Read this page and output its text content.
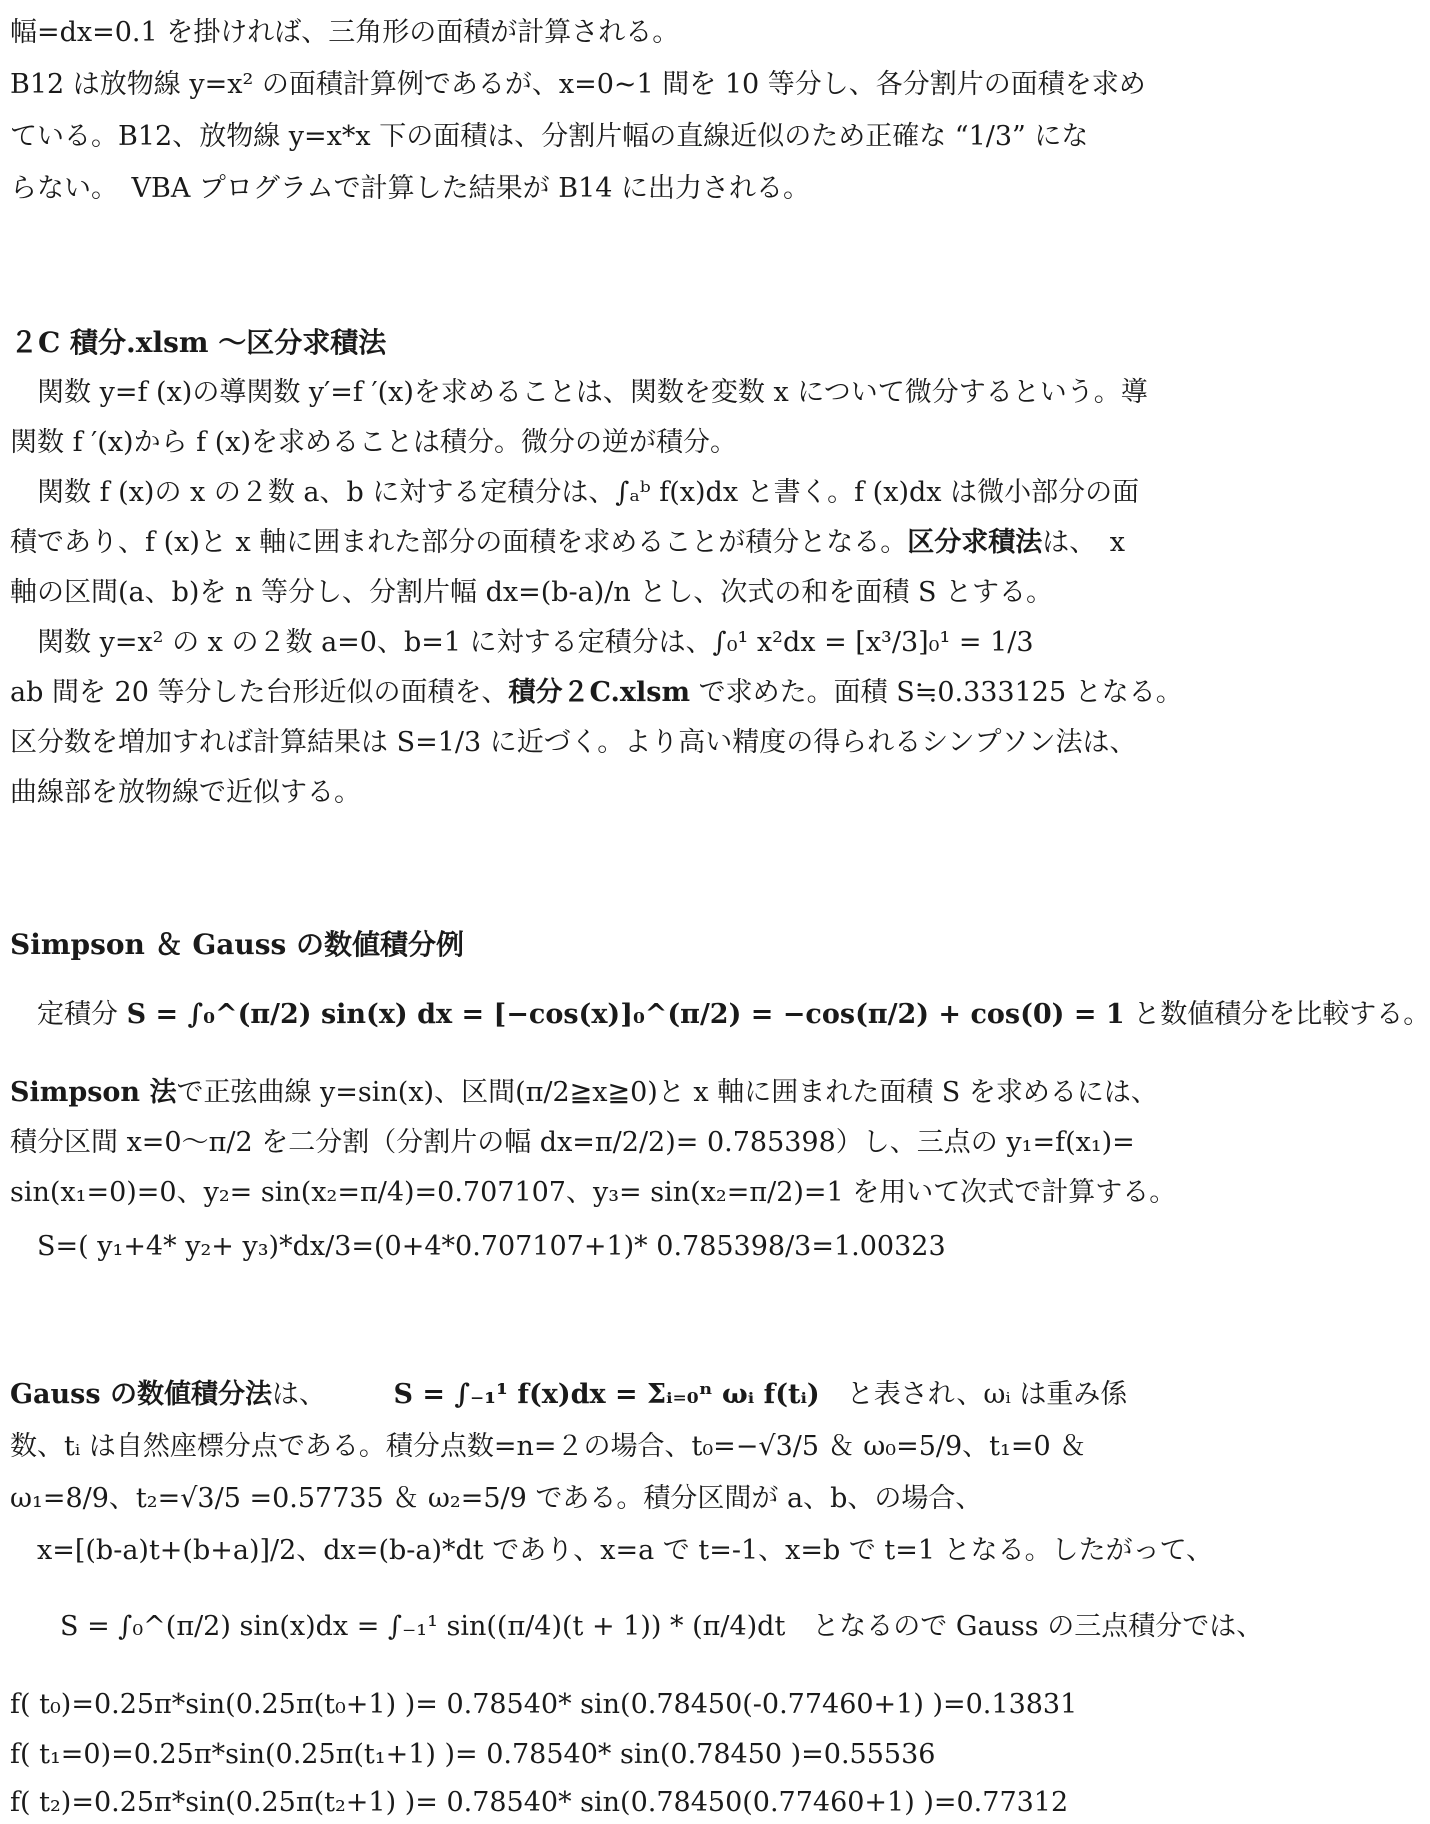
幅=dx=0.1 を掛ければ、三角形の面積が計算される。
B12 は放物線 y=x² の面積計算例であるが、x=0~1 間を 10 等分し、各分割片の面積を求め
ている。B12、放物線 y=x*x 下の面積は、分割片幅の直線近似のため正確な “1/3” にな
らない。　VBA プログラムで計算した結果が B14 に出力される。
２C 積分.xlsm ～区分求積法
　関数 y=f (x)の導関数 y′=f ′(x)を求めることは、関数を変数 x について微分するという。導
関数 f ′(x)から f (x)を求めることは積分。微分の逆が積分。
　関数 f (x)の x の２数 a、b に対する定積分は、∫ₐᵇ f(x)dx と書く。f (x)dx は微小部分の面
積であり、f (x)と x 軸に囲まれた部分の面積を求めることが積分となる。区分求積法は、　x
軸の区間(a、b)を n 等分し、分割片幅 dx=(b-a)/n とし、次式の和を面積 S とする。
　関数 y=x² の x の２数 a=0、b=1 に対する定積分は、∫₀¹ x²dx = [x³/3]₀¹ = 1/3
ab 間を 20 等分した台形近似の面積を、積分２C.xlsm で求めた。面積 S≒0.333125 となる。
区分数を増加すれば計算結果は S=1/3 に近づく。より高い精度の得られるシンプソン法は、
曲線部を放物線で近似する。
Simpson ＆ Gauss の数値積分例
　定積分 S = ∫₀^(π/2) sin(x) dx = [−cos(x)]₀^(π/2) = −cos(π/2) + cos(0) = 1 と数値積分を比較する。
Simpson 法で正弦曲線 y=sin(x)、区間(π/2≧x≧0)と x 軸に囲まれた面積 S を求めるには、
積分区間 x=0～π/2 を二分割（分割片の幅 dx=π/2/2)= 0.785398）し、三点の y₁=f(x₁)=
sin(x₁=0)=0、y₂= sin(x₂=π/4)=0.707107、y₃= sin(x₂=π/2)=1 を用いて次式で計算する。
　S=( y₁+4* y₂+ y₃)*dx/3=(0+4*0.707107+1)* 0.785398/3=1.00323
Gauss の数値積分法は、　　　S = ∫₋₁¹ f(x)dx = Σᵢ₌₀ⁿ ωᵢ f(tᵢ)　と表され、ωᵢ は重み係
数、tᵢ は自然座標分点である。積分点数=n=２の場合、t₀=−√3/5 ＆ ω₀=5/9、t₁=0 ＆
ω₁=8/9、t₂=√3/5 =0.57735 ＆ ω₂=5/9 である。積分区間が a、b、の場合、
　x=[(b-a)t+(b+a)]/2、dx=(b-a)*dt であり、x=a で t=-1、x=b で t=1 となる。したがって、
S = ∫₀^(π/2) sin(x)dx = ∫₋₁¹ sin((π/4)(t + 1)) * (π/4)dt　となるので Gauss の三点積分では、
f( t₀)=0.25π*sin(0.25π(t₀+1) )= 0.78540* sin(0.78450(-0.77460+1) )=0.13831
f( t₁=0)=0.25π*sin(0.25π(t₁+1) )= 0.78540* sin(0.78450 )=0.55536
f( t₂)=0.25π*sin(0.25π(t₂+1) )= 0.78540* sin(0.78450(0.77460+1) )=0.77312
